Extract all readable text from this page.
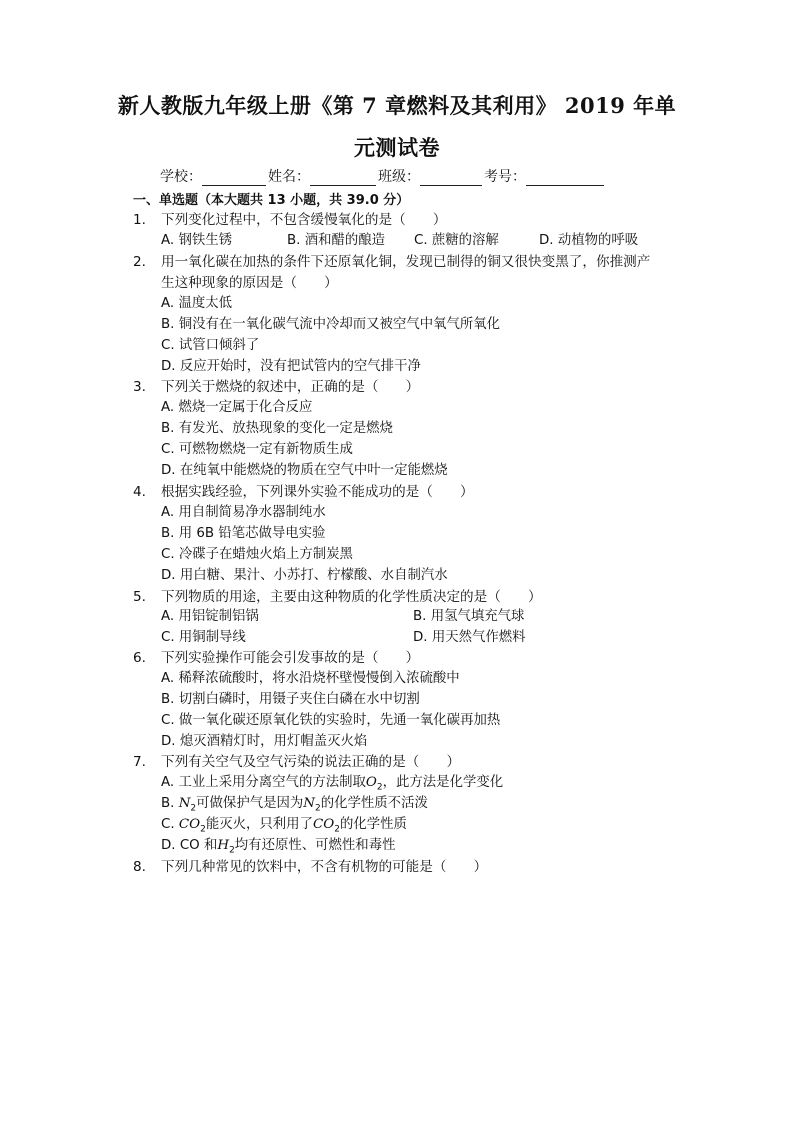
新人教版九年级上册《第 7 章燃料及其利用》 2019 年单
元测试卷
学校：	姓名：	班级：	考号：
一、单选题（本大题共 13 小题，共 39.0 分）
1. 下列变化过程中，不包含缓慢氧化的是（　　）
A. 钢铁生锈	B. 酒和醋的酿造 C. 蔗糖的溶解	D. 动植物的呼吸
2. 用一氧化碳在加热的条件下还原氧化铜，发现已制得的铜又很快变黑了，你推测产
生这种现象的原因是（　　）
A. 温度太低
B. 铜没有在一氧化碳气流中冷却而又被空气中氧气所氧化
C. 试管口倾斜了
D. 反应开始时，没有把试管内的空气排干净
3. 下列关于燃烧的叙述中，正确的是（　　）
A. 燃烧一定属于化合反应
B. 有发光、放热现象的变化一定是燃烧
C. 可燃物燃烧一定有新物质生成
D. 在纯氧中能燃烧的物质在空气中叶一定能燃烧
4. 根据实践经验，下列课外实验不能成功的是（　　）
A. 用自制简易净水器制纯水
B. 用 6B 铅笔芯做导电实验
C. 冷碟子在蜡烛火焰上方制炭黑
D. 用白糖、果汁、小苏打、柠檬酸、水自制汽水
5. 下列物质的用途，主要由这种物质的化学性质决定的是（　　）
A. 用铝锭制铝锅	B. 用氢气填充气球
C. 用铜制导线	D. 用天然气作燃料
6. 下列实验操作可能会引发事故的是（　　）
A. 稀释浓硫酸时，将水沿烧杯壁慢慢倒入浓硫酸中
B. 切割白磷时，用镊子夹住白磷在水中切割
C. 做一氧化碳还原氧化铁的实验时，先通一氧化碳再加热
D. 熄灭酒精灯时，用灯帽盖灭火焰
7. 下列有关空气及空气污染的说法正确的是（　　）
A. 工业上采用分离空气的方法制取$O_2$，此方法是化学变化
B. $N_2$可做保护气是因为$N_2$的化学性质不活泼
C. $CO_2$能灭火，只利用了$CO_2$的化学性质
D. CO 和$H_2$均有还原性、可燃性和毒性
8. 下列几种常见的饮料中，不含有机物的可能是（　　）
